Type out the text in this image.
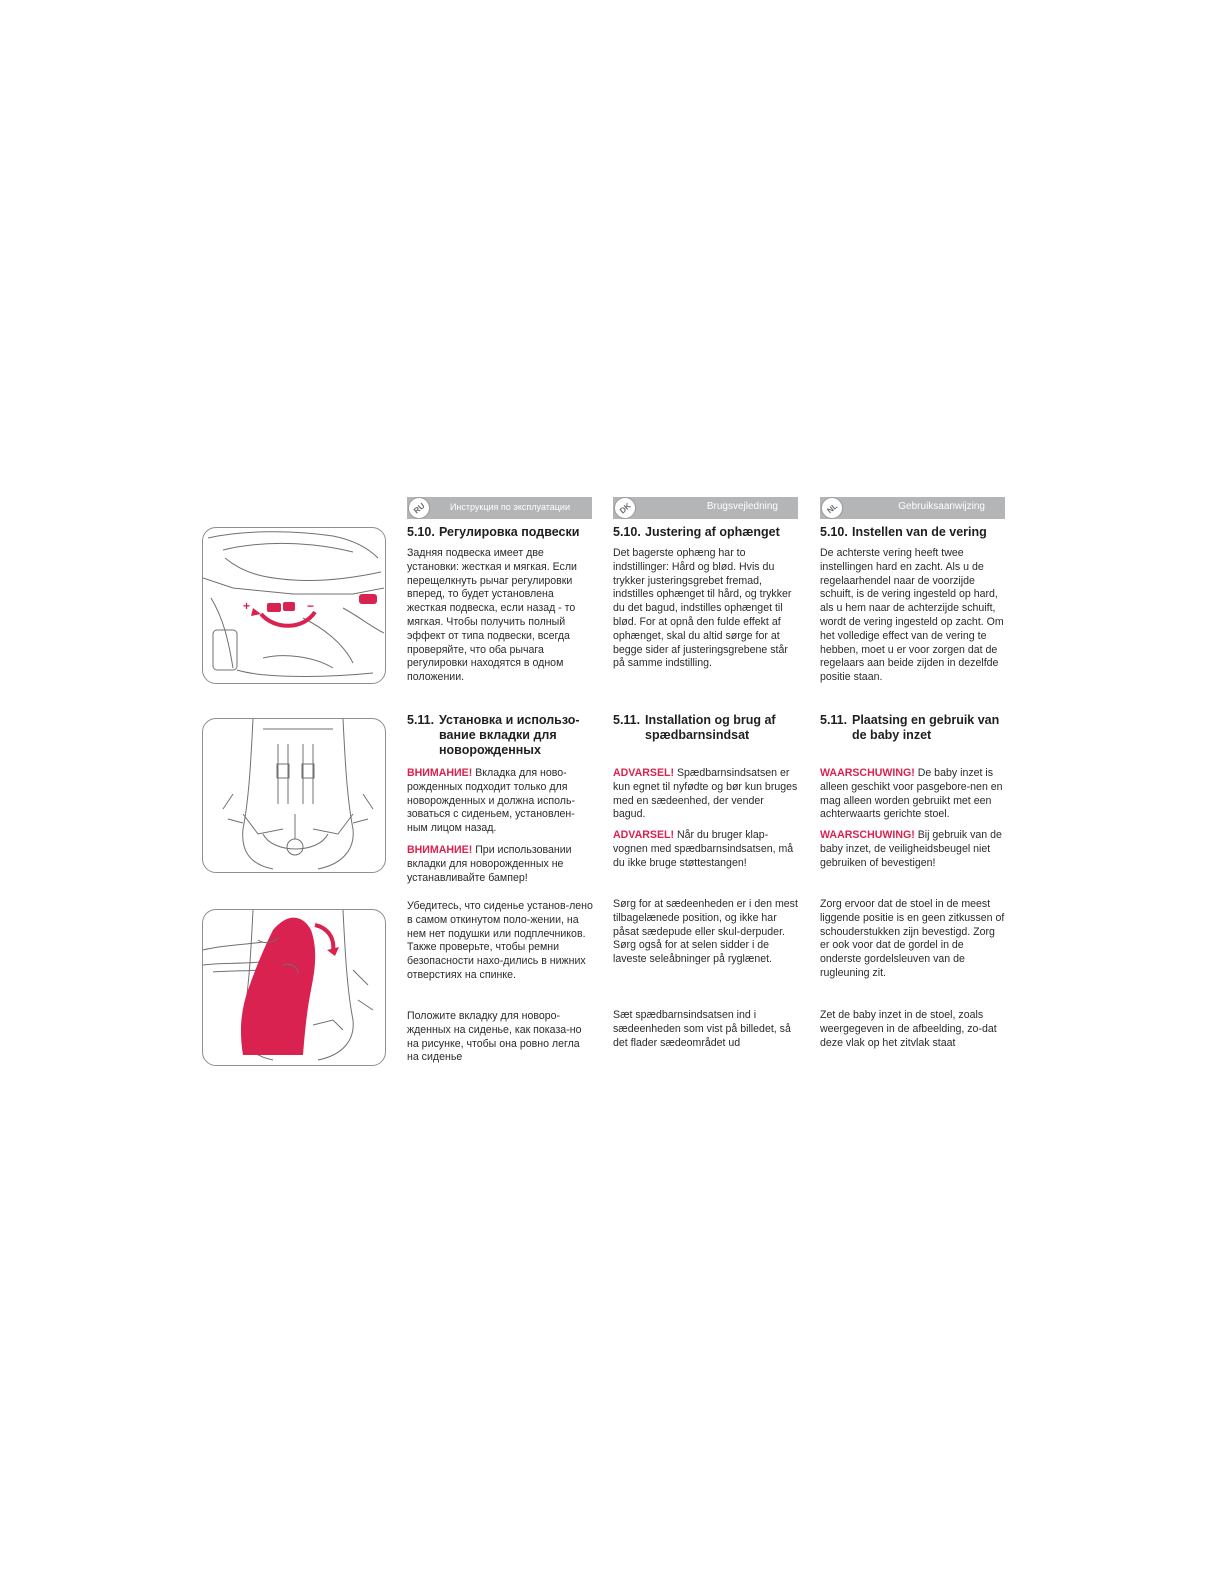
+	−
RU	Инструкция по эксплуатации
5.10. Регулировка подвески

Задняя подвеска имеет две установки: жесткая и мягкая. Если перещелкнуть рычаг регулировки вперед, то будет установлена жесткая подвеска, если назад - то мягкая. Чтобы получить полный эффект от типа подвески, всегда проверяйте, что оба рычага регулировки находятся в одном положении.

5.11. Установка и использо-вание вкладки для новорожденных

ВНИМАНИЕ! Вкладка для ново-рожденных подходит только для новорожденных и должна исполь-зоваться с сиденьем, установлен-ным лицом назад.

ВНИМАНИЕ! При использовании вкладки для новорожденных не устанавливайте бампер!

Убедитесь, что сиденье установ-лено в самом откинутом поло-жении, на нем нет подушки или подплечников. Также проверьте, чтобы ремни безопасности нахо-дились в нижних отверстиях на спинке.

Положите вкладку для новоро-жденных на сиденье, как показа-но на рисунке, чтобы она ровно легла на сиденье

DK	Brugsvejledning
5.10. Justering af ophænget

Det bagerste ophæng har to indstillinger: Hård og blød. Hvis du trykker justeringsgrebet fremad, indstilles ophænget til hård, og trykker du det bagud, indstilles ophænget til blød. For at opnå den fulde effekt af ophænget, skal du altid sørge for at begge sider af justeringsgrebene står på samme indstilling.

5.11. Installation og brug af spædbarnsindsat

ADVARSEL! Spædbarnsindsatsen er kun egnet til nyfødte og bør kun bruges med en sædeenhed, der vender bagud.

ADVARSEL! Når du bruger klap-vognen med spædbarnsindsatsen, må du ikke bruge støttestangen!

Sørg for at sædeenheden er i den mest tilbagelænede position, og ikke har påsat sædepude eller skul-derpuder. Sørg også for at selen sidder i de laveste seleåbninger på ryglænet.

Sæt spædbarnsindsatsen ind i sædeenheden som vist på billedet, så det flader sædeområdet ud

NL	Gebruiksaanwijzing
5.10. Instellen van de vering

De achterste vering heeft twee instellingen hard en zacht. Als u de regelaarhendel naar de voorzijde schuift, is de vering ingesteld op hard, als u hem naar de achterzijde schuift, wordt de vering ingesteld op zacht. Om het volledige effect van de vering te hebben, moet u er voor zorgen dat de regelaars aan beide zijden in dezelfde positie staan.

5.11. Plaatsing en gebruik van de baby inzet

WAARSCHUWING! De baby inzet is alleen geschikt voor pasgebore-nen en mag alleen worden gebruikt met een achterwaarts gerichte stoel.

WAARSCHUWING! Bij gebruik van de baby inzet, de veiligheidsbeugel niet gebruiken of bevestigen!

Zorg ervoor dat de stoel in de meest liggende positie is en geen zitkussen of schouderstukken zijn bevestigd. Zorg er ook voor dat de gordel in de onderste gordelsleuven van de rugleuning zit.

Zet de baby inzet in de stoel, zoals weergegeven in de afbeelding, zo-dat deze vlak op het zitvlak staat
